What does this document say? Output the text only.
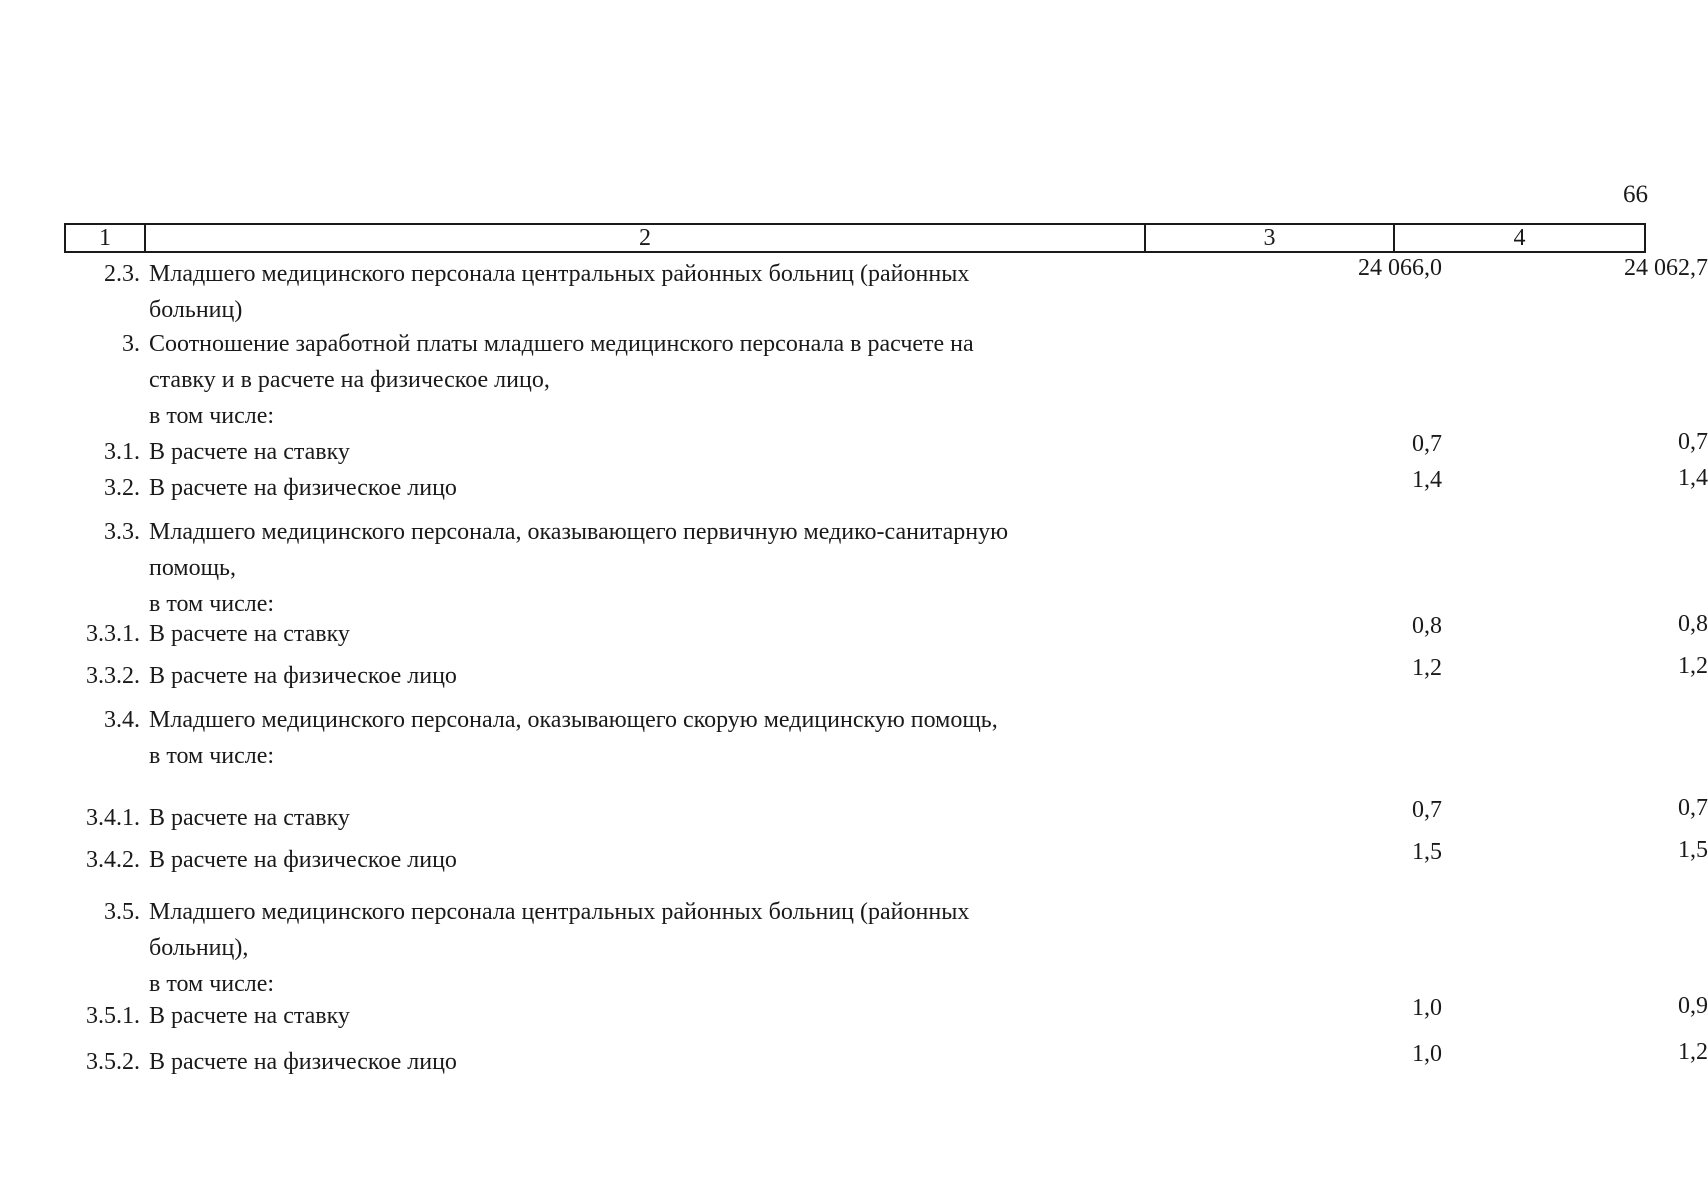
66
1	2	3	4
2.3. Младшего медицинского персонала центральных районных больниц (районных
больниц)
24 066,0	24 062,7
3. Соотношение заработной платы младшего медицинского персонала в расчете на
ставку и в расчете на физическое лицо,
в том числе:
3.1. В расчете на ставку	0,7	0,7
3.2. В расчете на физическое лицо	1,4	1,4
3.3. Младшего медицинского персонала, оказывающего первичную медико-санитарную
помощь,
в том числе:
3.3.1. В расчете на ставку	0,8	0,8
3.3.2. В расчете на физическое лицо	1,2	1,2
3.4. Младшего медицинского персонала, оказывающего скорую медицинскую помощь,
в том числе:
3.4.1. В расчете на ставку	0,7	0,7
3.4.2. В расчете на физическое лицо	1,5	1,5
3.5. Младшего медицинского персонала центральных районных больниц (районных
больниц),
в том числе:
3.5.1. В расчете на ставку	1,0	0,9
3.5.2. В расчете на физическое лицо	1,0	1,2
